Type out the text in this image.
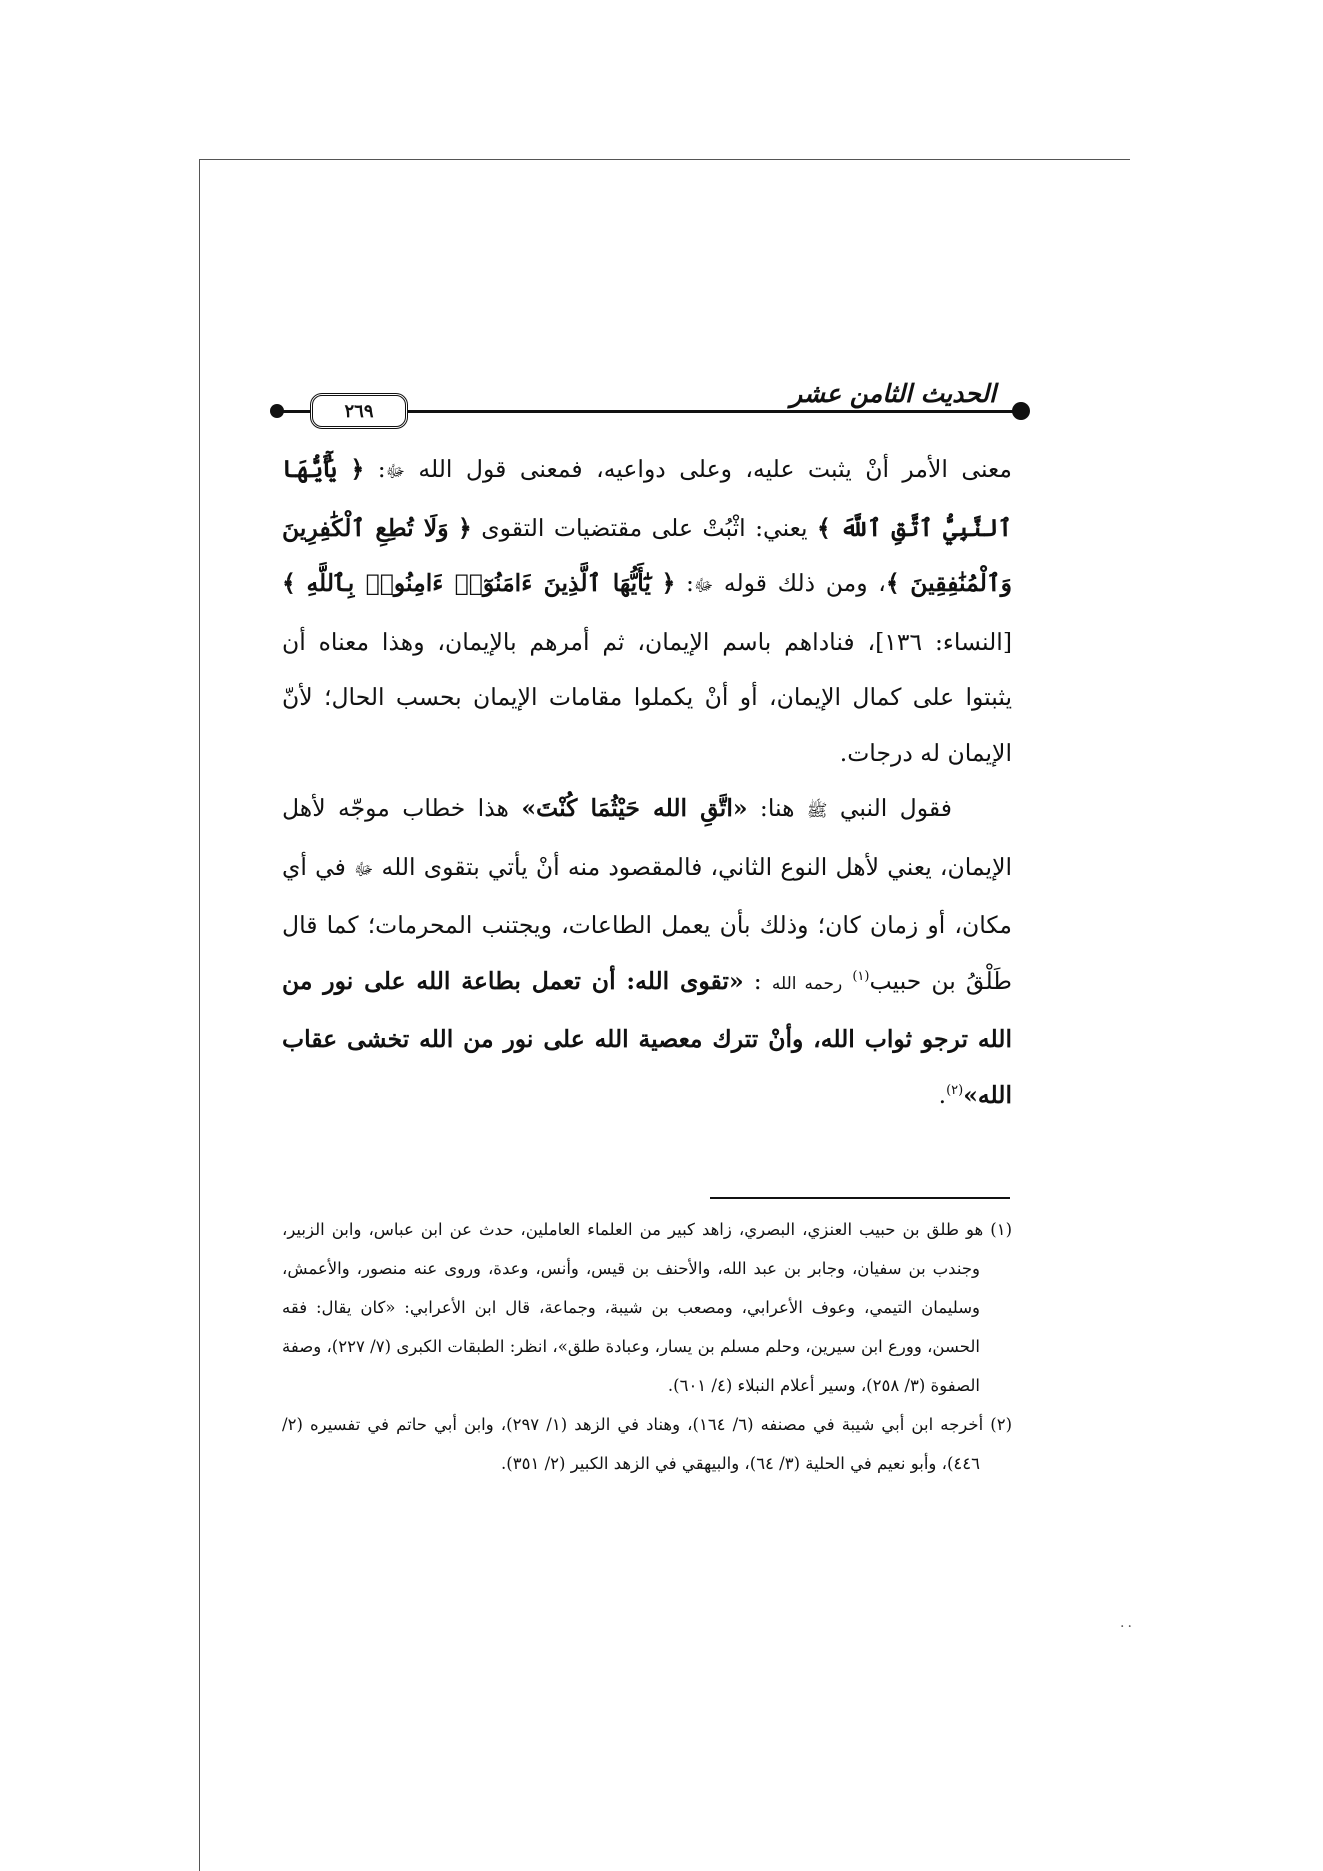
٢٦٩
الحديث الثامن عشر

معنى الأمر أنْ يثبت عليه، وعلى دواعيه، فمعنى قول الله ﷻ: ﴿ يَٰٓأَيُّهَا ٱلنَّبِيُّ ٱتَّقِ ٱللَّهَ ﴾ يعني: اثْبُتْ على مقتضيات التقوى ﴿ وَلَا تُطِعِ ٱلْكَٰفِرِينَ وَٱلْمُنَٰفِقِينَ ﴾، ومن ذلك قوله ﷻ: ﴿ يَٰٓأَيُّهَا ٱلَّذِينَ ءَامَنُوٓا۟ ءَامِنُوا۟ بِٱللَّهِ ﴾ [النساء: ١٣٦]، فناداهم باسم الإيمان، ثم أمرهم بالإيمان، وهذا معناه أن يثبتوا على كمال الإيمان، أو أنْ يكملوا مقامات الإيمان بحسب الحال؛ لأنّ الإيمان له درجات.

فقول النبي ﷺ هنا: «اتَّقِ الله حَيْثُمَا كُنْتَ» هذا خطاب موجّه لأهل الإيمان، يعني لأهل النوع الثاني، فالمقصود منه أنْ يأتي بتقوى الله ﷻ في أي مكان، أو زمان كان؛ وذلك بأن يعمل الطاعات، ويجتنب المحرمات؛ كما قال طَلْقُ بن حبيب$^{(١)}$ رحمه الله : «تقوى الله: أن تعمل بطاعة الله على نور من الله ترجو ثواب الله، وأنْ تترك معصية الله على نور من الله تخشى عقاب الله»$^{(٢)}$.

(١) هو طلق بن حبيب العنزي، البصري، زاهد كبير من العلماء العاملين، حدث عن ابن عباس، وابن الزبير، وجندب بن سفيان، وجابر بن عبد الله، والأحنف بن قيس، وأنس، وعدة، وروى عنه منصور، والأعمش، وسليمان التيمي، وعوف الأعرابي، ومصعب بن شيبة، وجماعة، قال ابن الأعرابي: «كان يقال: فقه الحسن، وورع ابن سيرين، وحلم مسلم بن يسار، وعبادة طلق»، انظر: الطبقات الكبرى (٧/ ٢٢٧)، وصفة الصفوة (٣/ ٢٥٨)، وسير أعلام النبلاء (٤/ ٦٠١).

(٢) أخرجه ابن أبي شيبة في مصنفه (٦/ ١٦٤)، وهناد في الزهد (١/ ٢٩٧)، وابن أبي حاتم في تفسيره (٢/ ٤٤٦)، وأبو نعيم في الحلية (٣/ ٦٤)، والبيهقي في الزهد الكبير (٢/ ٣٥١).

..
